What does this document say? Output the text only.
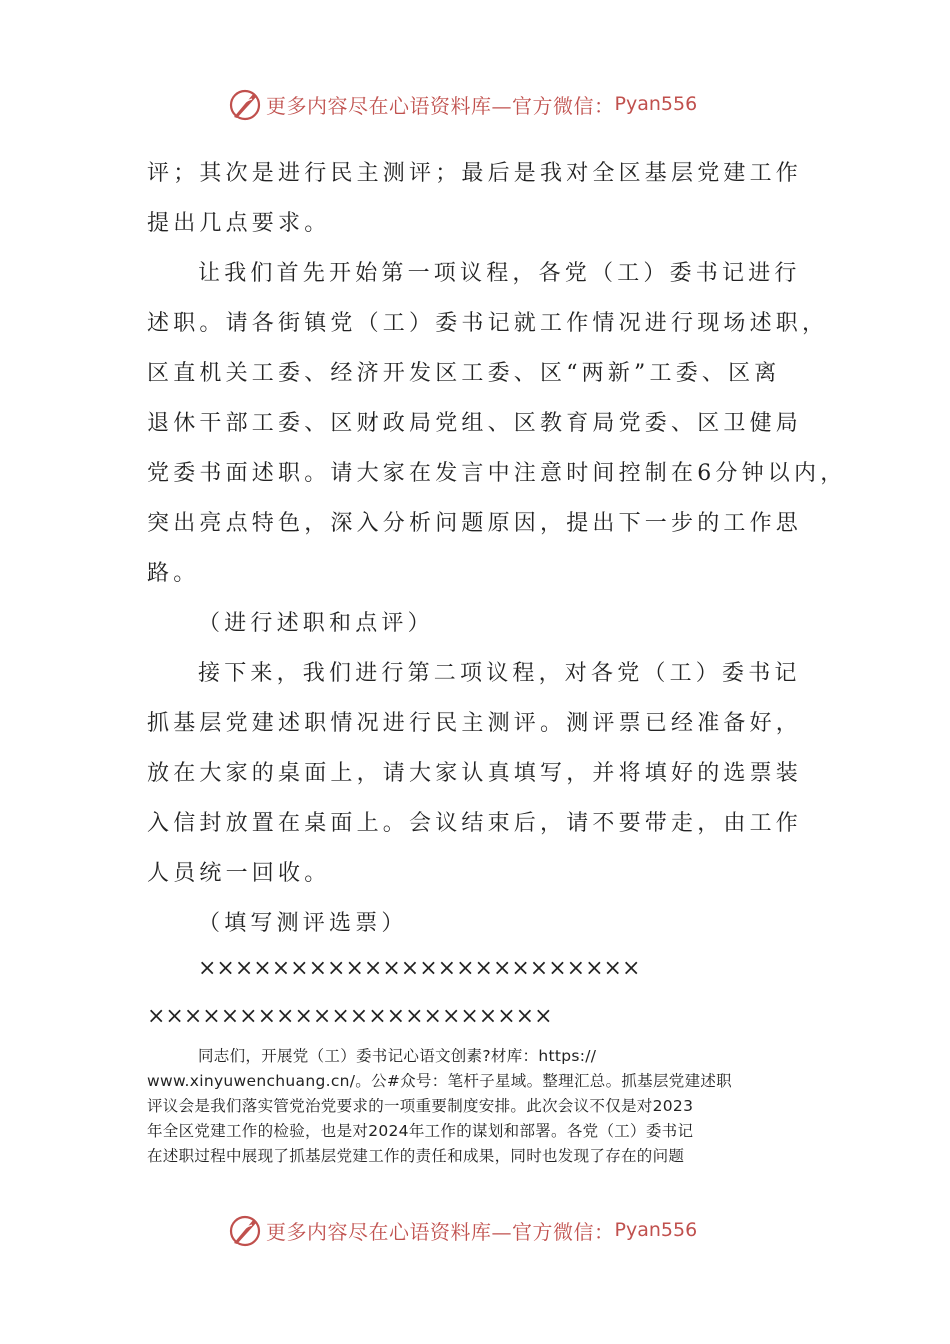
更多内容尽在心语资料库—官方微信： Pyan556
评；其次是进行民主测评；最后是我对全区基层党建工作
提出几点要求。
让我们首先开始第一项议程，各党（工）委书记进行
述职。请各街镇党（工）委书记就工作情况进行现场述职，
区直机关工委、经济开发区工委、区“两新”工委、区离
退休干部工委、区财政局党组、区教育局党委、区卫健局
党委书面述职。请大家在发言中注意时间控制在6分钟以内，
突出亮点特色，深入分析问题原因，提出下一步的工作思
路。
（进行述职和点评）
接下来，我们进行第二项议程，对各党（工）委书记
抓基层党建述职情况进行民主测评。测评票已经准备好，
放在大家的桌面上，请大家认真填写，并将填好的选票装
入信封放置在桌面上。会议结束后，请不要带走，由工作
人员统一回收。
（填写测评选票）
××××××××××××××××××××××××
××××××××××××××××××××××
同志们，开展党（工）委书记心语文创素?材库：https://
www.xinyuwenchuang.cn/。公#众号：笔杆子星域。整理汇总。抓基层党建述职
评议会是我们落实管党治党要求的一项重要制度安排。此次会议不仅是对2023
年全区党建工作的检验，也是对2024年工作的谋划和部署。各党（工）委书记
在述职过程中展现了抓基层党建工作的责任和成果，同时也发现了存在的问题
更多内容尽在心语资料库—官方微信： Pyan556
